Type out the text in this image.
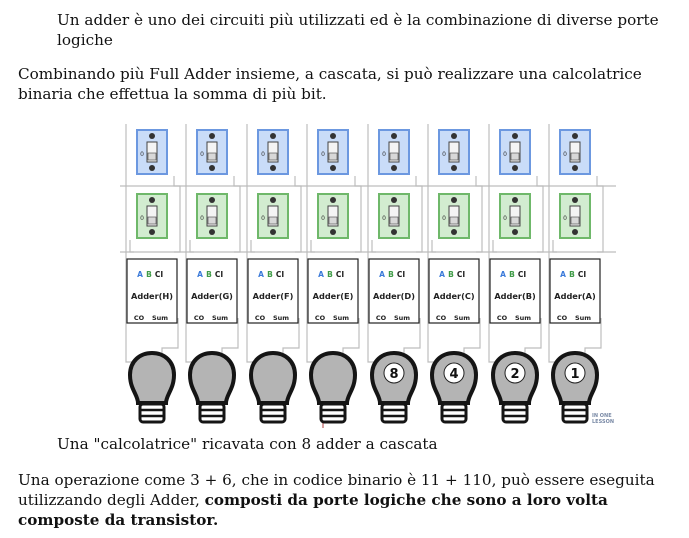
Un adder è uno dei circuiti più utilizzati ed è la combinazione di diverse porte logiche

Combinando più Full Adder insieme, a cascata, si può realizzare una calcolatrice binaria che effettua la somma di più bit.

0
0
A B CI
Adder(H)
CO Sum
0
0
A B CI
Adder(G)
CO Sum
0
0
A B CI
Adder(F)
CO Sum
0
0
A B CI
Adder(E)
CO Sum
0
0
A B CI
Adder(D)
CO Sum
8
0
0
A B CI
Adder(C)
CO Sum
4
0
0
A B CI
Adder(B)
CO Sum
2
0
0
A B CI
Adder(A)
CO Sum
1
IN ONE
LESSON

Una "calcolatrice" ricavata con 8 adder a cascata

Una operazione come 3 + 6, che in codice binario è 11 + 110, può essere eseguita utilizzando degli Adder, composti da porte logiche che sono a loro volta composte da transistor.
